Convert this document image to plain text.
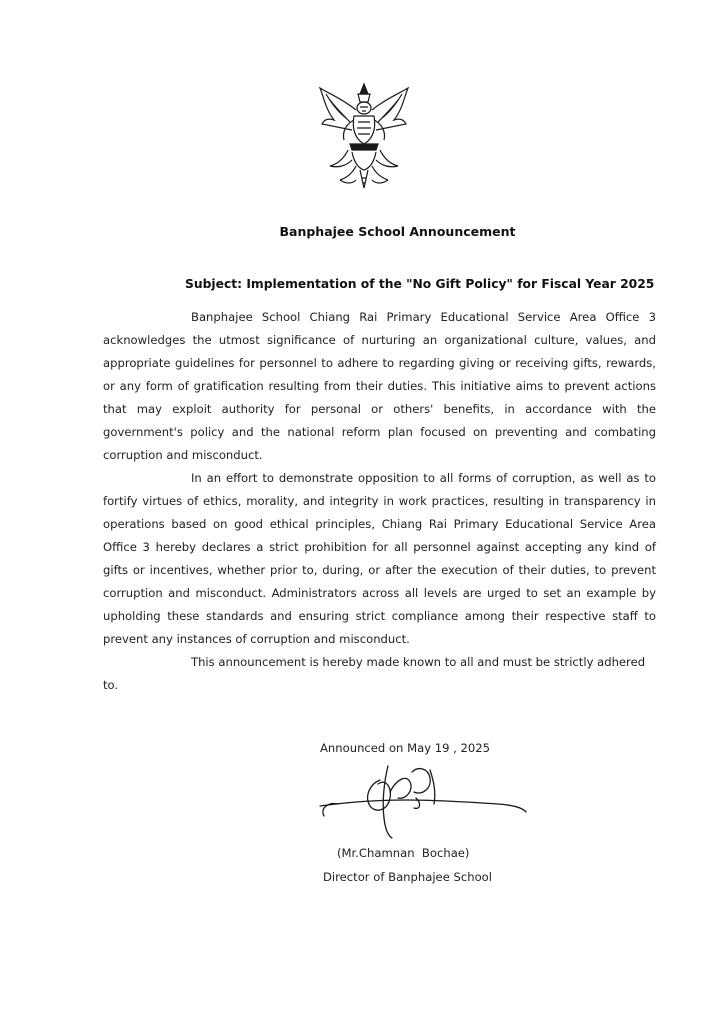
Banphajee School Announcement
Subject: Implementation of the "No Gift Policy" for Fiscal Year 2025

Banphajee School Chiang Rai Primary Educational Service Area Office 3 acknowledges the utmost significance of nurturing an organizational culture, values, and appropriate guidelines for personnel to adhere to regarding giving or receiving gifts, rewards, or any form of gratification resulting from their duties. This initiative aims to prevent actions that may exploit authority for personal or others' benefits, in accordance with the government's policy and the national reform plan focused on preventing and combating corruption and misconduct.

In an effort to demonstrate opposition to all forms of corruption, as well as to fortify virtues of ethics, morality, and integrity in work practices, resulting in transparency in operations based on good ethical principles, Chiang Rai Primary Educational Service Area Office 3 hereby declares a strict prohibition for all personnel against accepting any kind of gifts or incentives, whether prior to, during, or after the execution of their duties, to prevent corruption and misconduct. Administrators across all levels are urged to set an example by upholding these standards and ensuring strict compliance among their respective staff to prevent any instances of corruption and misconduct.

This announcement is hereby made known to all and must be strictly adhered to.

Announced on May 19 , 2025
(Mr.Chamnan  Bochae)
Director of Banphajee School
